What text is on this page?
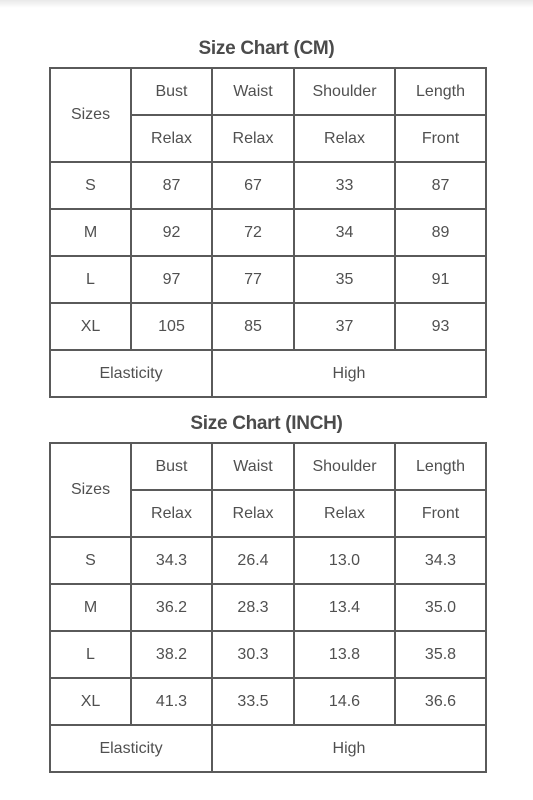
Size Chart (CM)
Sizes	Bust	Waist	Shoulder	Length
	Relax	Relax	Relax	Front
S	87	67	33	87
M	92	72	34	89
L	97	77	35	91
XL	105	85	37	93
Elasticity		High		
Size Chart (INCH)
Sizes	Bust	Waist	Shoulder	Length
	Relax	Relax	Relax	Front
S	34.3	26.4	13.0	34.3
M	36.2	28.3	13.4	35.0
L	38.2	30.3	13.8	35.8
XL	41.3	33.5	14.6	36.6
Elasticity		High		
